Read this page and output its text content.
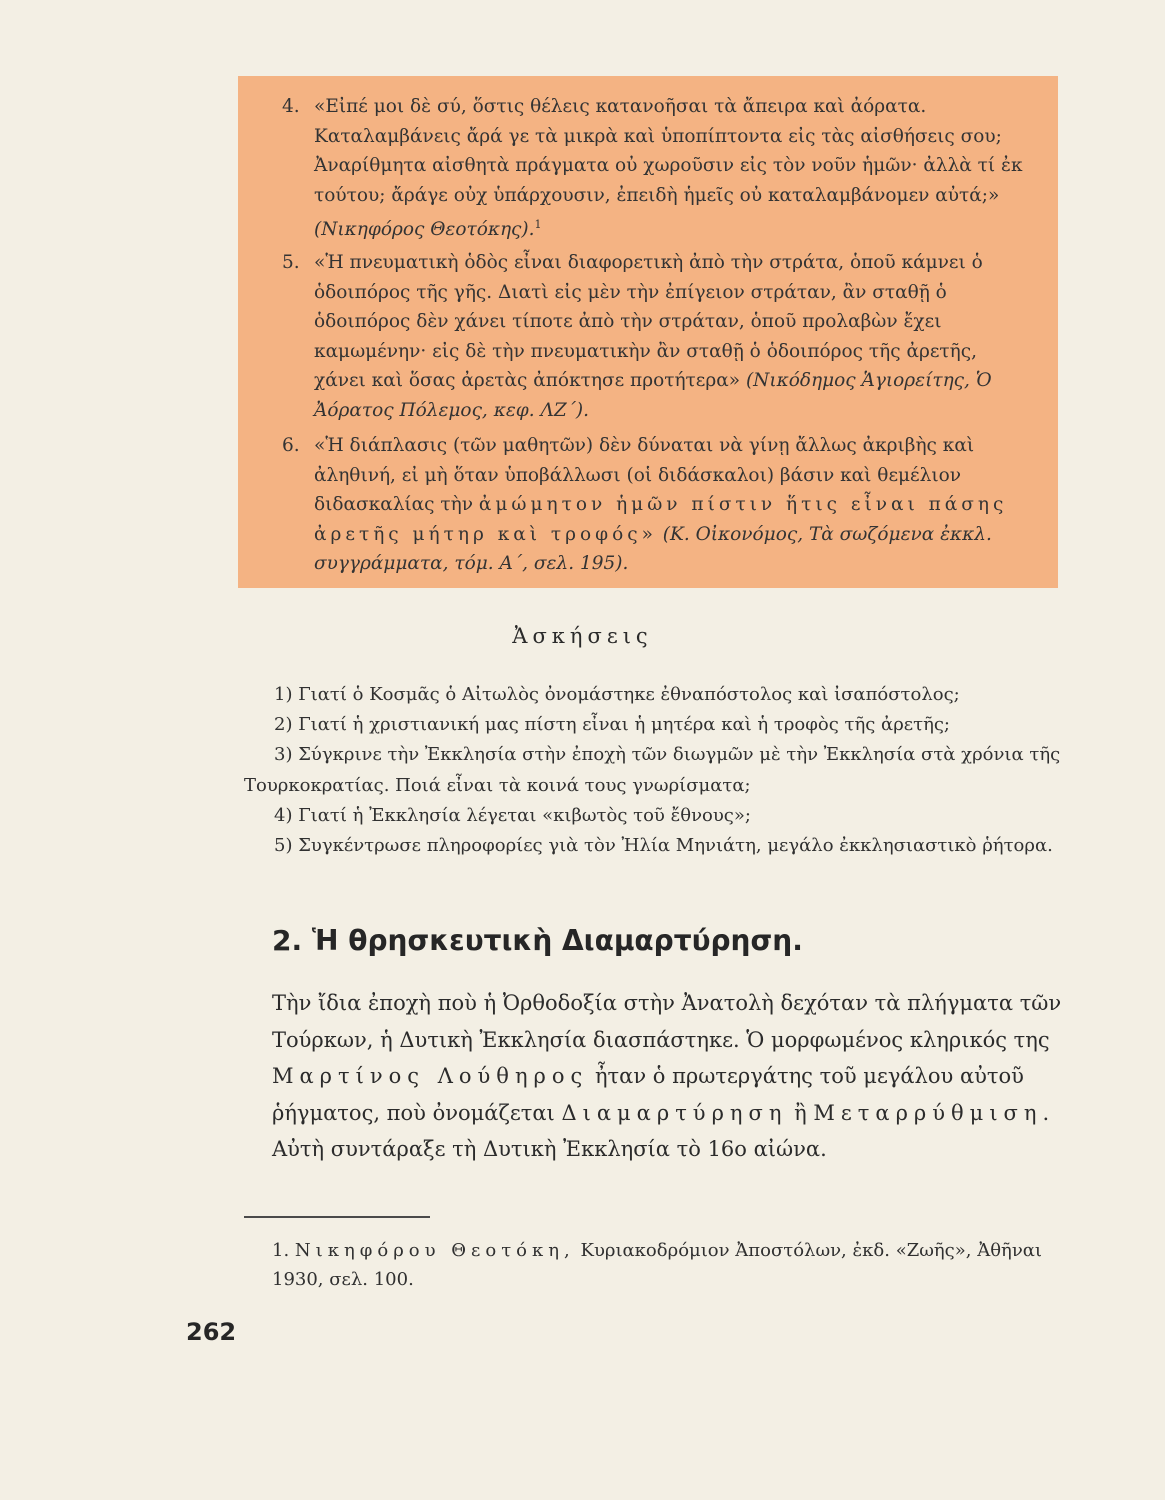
4. «Εἰπέ μοι δὲ σύ, ὅστις θέλεις κατανοῆσαι τὰ ἄπειρα καὶ ἀόρατα. Καταλαμβάνεις ἄρά γε τὰ μικρὰ καὶ ὑποπίπτοντα εἰς τὰς αἰσθήσεις σου; Ἀναρίθμητα αἰσθητὰ πράγματα οὐ χωροῦσιν εἰς τὸν νοῦν ἡμῶν· ἀλλὰ τί ἐκ τούτου; ἄράγε οὐχ ὑπάρχουσιν, ἐπειδὴ ἡμεῖς οὐ καταλαμβάνομεν αὐτά;» (Νικηφόρος Θεοτόκης).$^1$
5. «Ἡ πνευματικὴ ὁδὸς εἶναι διαφορετικὴ ἀπὸ τὴν στράτα, ὁποῦ κάμνει ὁ ὁδοιπόρος τῆς γῆς. Διατὶ εἰς μὲν τὴν ἐπίγειον στράταν, ἂν σταθῇ ὁ ὁδοιπόρος δὲν χάνει τίποτε ἀπὸ τὴν στράταν, ὁποῦ προλαβὼν ἔχει καμωμένην· εἰς δὲ τὴν πνευματικὴν ἂν σταθῇ ὁ ὁδοιπόρος τῆς ἀρετῆς, χάνει καὶ ὅσας ἀρετὰς ἀπόκτησε προτήτερα» (Νικόδημος Ἁγιορείτης, Ὁ Ἀόρατος Πόλεμος, κεφ. ΛΖ΄).
6. «Ἡ διάπλασις (τῶν μαθητῶν) δὲν δύναται νὰ γίνῃ ἄλλως ἀκριβὴς καὶ ἀληθινή, εἰ μὴ ὅταν ὑποβάλλωσι (οἱ διδάσκαλοι) βάσιν καὶ θεμέλιον διδασκαλίας τὴν ἀμώμητον ἡμῶν πίστιν ἥτις εἶναι πάσης ἀρετῆς μήτηρ καὶ τροφός» (Κ. Οἰκονόμος, Τὰ σωζόμενα ἐκκλ. συγγράμματα, τόμ. Α΄, σελ. 195).
Ἀσκήσεις
1) Γιατί ὁ Κοσμᾶς ὁ Αἰτωλὸς ὀνομάστηκε ἐθναπόστολος καὶ ἰσαπόστολος;
2) Γιατί ἡ χριστιανική μας πίστη εἶναι ἡ μητέρα καὶ ἡ τροφὸς τῆς ἀρετῆς;
3) Σύγκρινε τὴν Ἐκκλησία στὴν ἐποχὴ τῶν διωγμῶν μὲ τὴν Ἐκκλησία στὰ χρόνια τῆς Τουρκοκρατίας. Ποιά εἶναι τὰ κοινά τους γνωρίσματα;
4) Γιατί ἡ Ἐκκλησία λέγεται «κιβωτὸς τοῦ ἔθνους»;
5) Συγκέντρωσε πληροφορίες γιὰ τὸν Ἠλία Μηνιάτη, μεγάλο ἐκκλησιαστικὸ ῥήτορα.
2. Ἡ θρησκευτικὴ Διαμαρτύρηση.
Τὴν ἴδια ἐποχὴ ποὺ ἡ Ὀρθοδοξία στὴν Ἀνατολὴ δεχόταν τὰ πλήγματα τῶν Τούρκων, ἡ Δυτικὴ Ἐκκλησία διασπάστηκε. Ὁ μορφωμένος κληρικός της Μαρτίνος Λούθηρος ἦταν ὁ πρωτεργάτης τοῦ μεγάλου αὐτοῦ ῥήγματος, ποὺ ὀνομάζεται Διαμαρτύρηση ἢ Μεταρρύθμιση. Αὐτὴ συντάραξε τὴ Δυτικὴ Ἐκκλησία τὸ 16ο αἰώνα.
1. Νικηφόρου Θεοτόκη, Κυριακοδρόμιον Ἀποστόλων, ἐκδ. «Ζωῆς», Ἀθῆναι 1930, σελ. 100.
262
